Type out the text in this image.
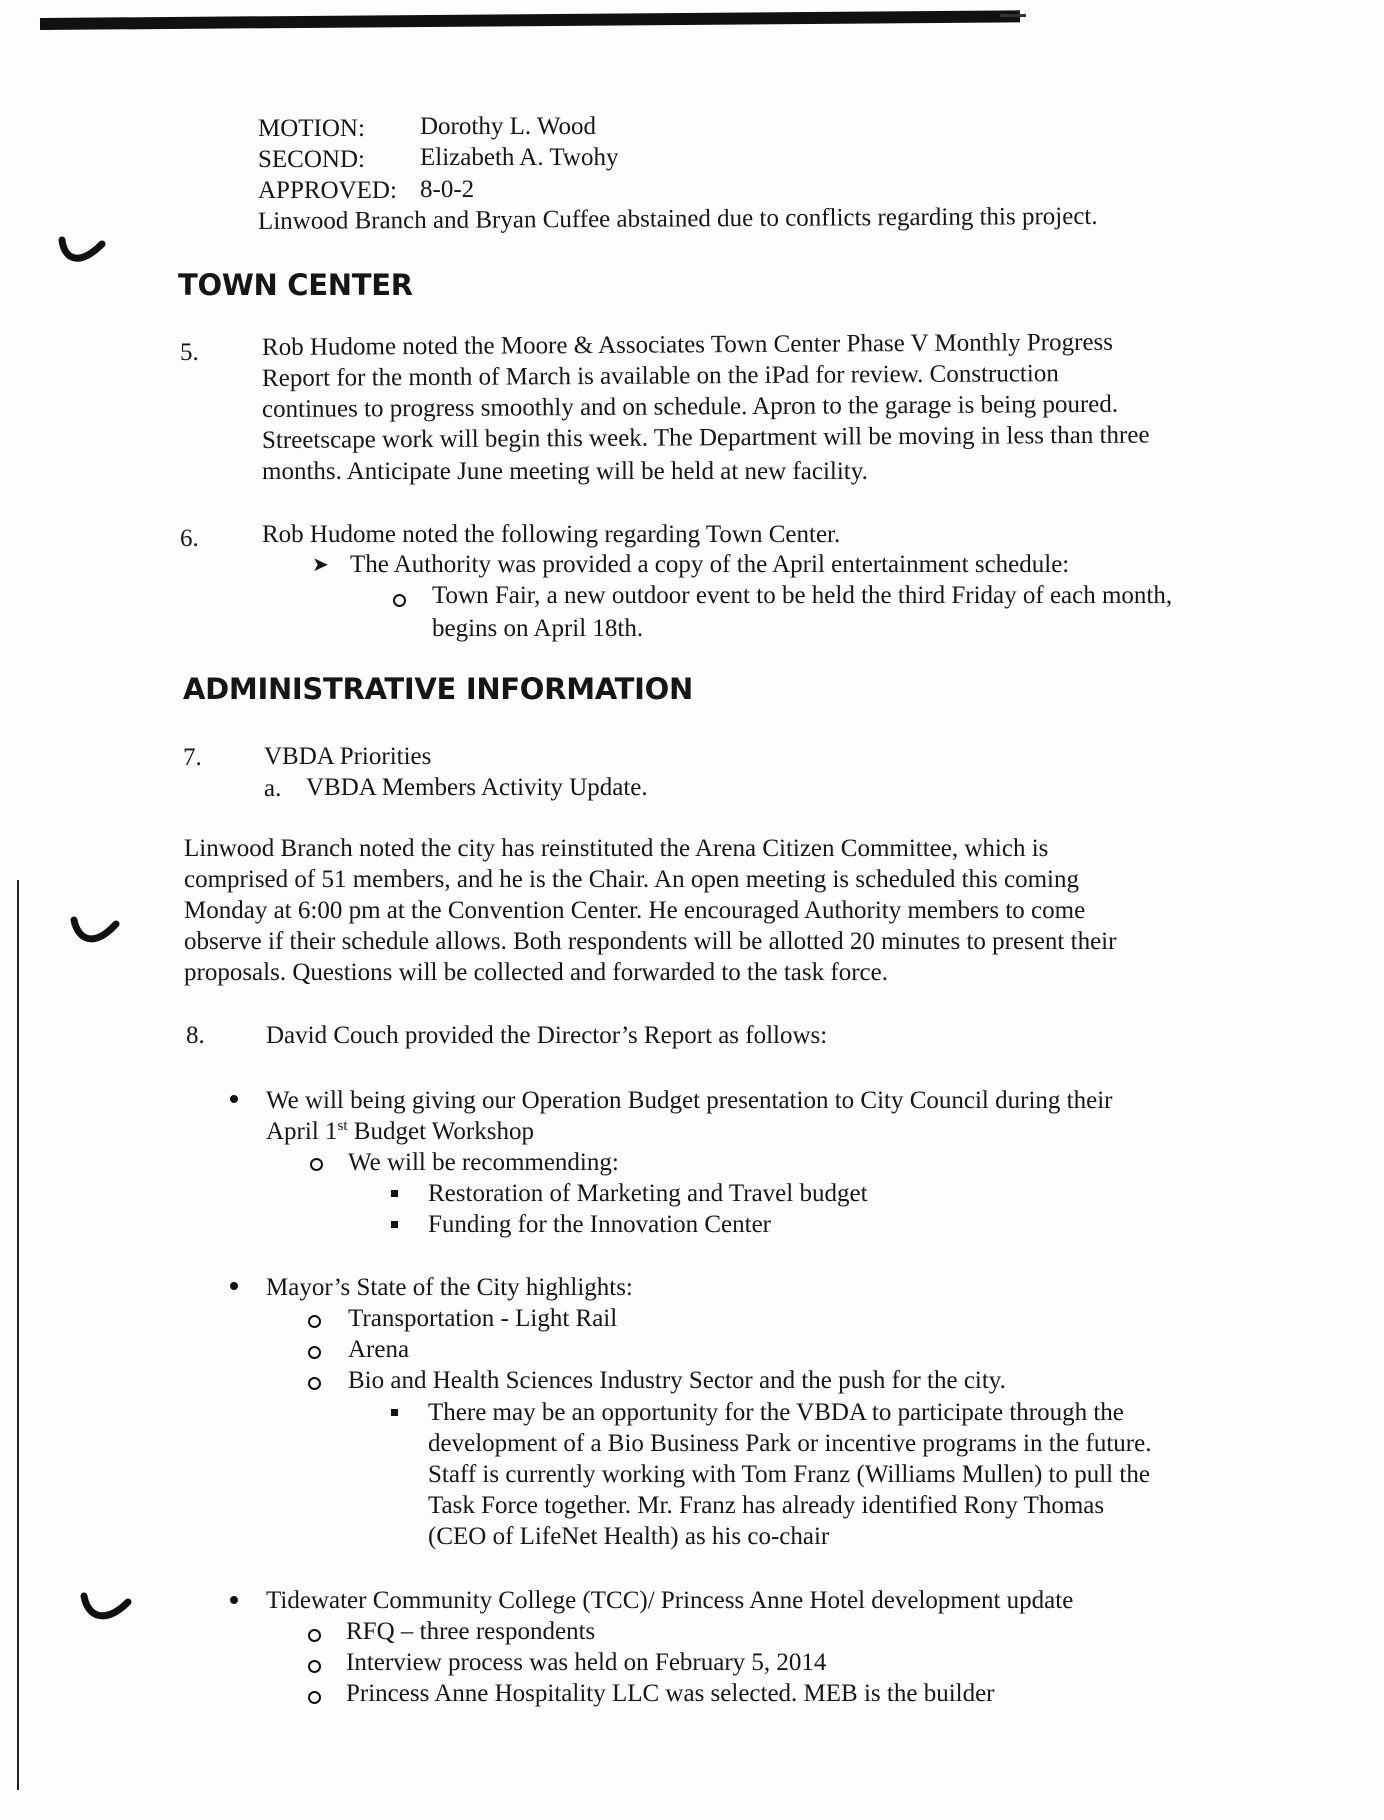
MOTION: Dorothy L. Wood
SECOND: Elizabeth A. Twohy
APPROVED: 8-0-2
Linwood Branch and Bryan Cuffee abstained due to conflicts regarding this project.
TOWN CENTER
5.	Rob Hudome noted the Moore & Associates Town Center Phase V Monthly Progress
Report for the month of March is available on the iPad for review. Construction
continues to progress smoothly and on schedule. Apron to the garage is being poured.
Streetscape work will begin this week. The Department will be moving in less than three
months. Anticipate June meeting will be held at new facility.
6.	Rob Hudome noted the following regarding Town Center.
➤ The Authority was provided a copy of the April entertainment schedule:
Town Fair, a new outdoor event to be held the third Friday of each month,
begins on April 18th.
ADMINISTRATIVE INFORMATION
7. VBDA Priorities
a. VBDA Members Activity Update.
Linwood Branch noted the city has reinstituted the Arena Citizen Committee, which is
comprised of 51 members, and he is the Chair. An open meeting is scheduled this coming
Monday at 6:00 pm at the Convention Center. He encouraged Authority members to come
observe if their schedule allows. Both respondents will be allotted 20 minutes to present their
proposals. Questions will be collected and forwarded to the task force.
8. David Couch provided the Director’s Report as follows:
We will being giving our Operation Budget presentation to City Council during their
April 1st Budget Workshop
We will be recommending:
Restoration of Marketing and Travel budget
Funding for the Innovation Center
Mayor’s State of the City highlights:
Transportation - Light Rail
Arena
Bio and Health Sciences Industry Sector and the push for the city.
There may be an opportunity for the VBDA to participate through the
development of a Bio Business Park or incentive programs in the future.
Staff is currently working with Tom Franz (Williams Mullen) to pull the
Task Force together. Mr. Franz has already identified Rony Thomas
(CEO of LifeNet Health) as his co-chair
Tidewater Community College (TCC)/ Princess Anne Hotel development update
RFQ – three respondents
Interview process was held on February 5, 2014
Princess Anne Hospitality LLC was selected. MEB is the builder
